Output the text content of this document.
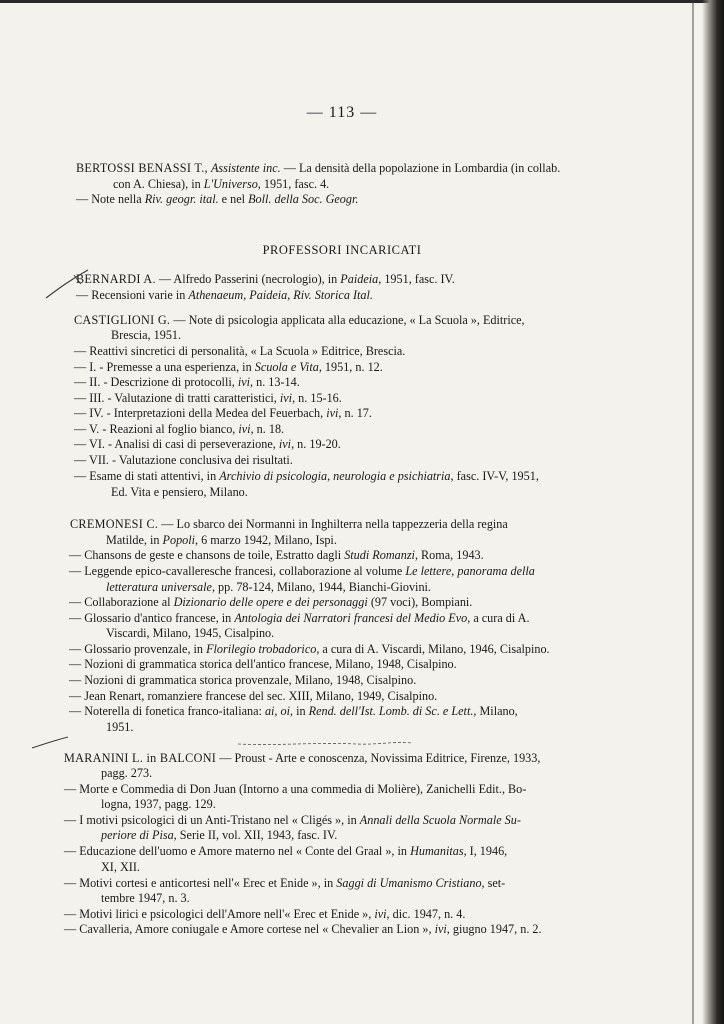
— 113 —
BERTOSSI BENASSI T., Assistente inc. — La densità della popolazione in Lombardia (in collab.
con A. Chiesa), in L'Universo, 1951, fasc. 4.
— Note nella Riv. geogr. ital. e nel Boll. della Soc. Geogr.
PROFESSORI INCARICATI
BERNARDI A. — Alfredo Passerini (necrologio), in Paideia, 1951, fasc. IV.
— Recensioni varie in Athenaeum, Paideia, Riv. Storica Ital.
CASTIGLIONI G. — Note di psicologia applicata alla educazione, « La Scuola », Editrice,
Brescia, 1951.
— Reattivi sincretici di personalità, « La Scuola » Editrice, Brescia.
— I. - Premesse a una esperienza, in Scuola e Vita, 1951, n. 12.
— II. - Descrizione di protocolli, ivi, n. 13-14.
— III. - Valutazione di tratti caratteristici, ivi, n. 15-16.
— IV. - Interpretazioni della Medea del Feuerbach, ivi, n. 17.
— V. - Reazioni al foglio bianco, ivi, n. 18.
— VI. - Analisi di casi di perseverazione, ivi, n. 19-20.
— VII. - Valutazione conclusiva dei risultati.
— Esame di stati attentivi, in Archivio di psicologia, neurologia e psichiatria, fasc. IV-V, 1951,
Ed. Vita e pensiero, Milano.
CREMONESI C. — Lo sbarco dei Normanni in Inghilterra nella tappezzeria della regina
Matilde, in Popoli, 6 marzo 1942, Milano, Ispi.
— Chansons de geste e chansons de toile, Estratto dagli Studi Romanzi, Roma, 1943.
— Leggende epico-cavalleresche francesi, collaborazione al volume Le lettere, panorama della
letteratura universale, pp. 78-124, Milano, 1944, Bianchi-Giovini.
— Collaborazione al Dizionario delle opere e dei personaggi (97 voci), Bompiani.
— Glossario d'antico francese, in Antologia dei Narratori francesi del Medio Evo, a cura di A.
Viscardi, Milano, 1945, Cisalpino.
— Glossario provenzale, in Florilegio trobadorico, a cura di A. Viscardi, Milano, 1946, Cisalpino.
— Nozioni di grammatica storica dell'antico francese, Milano, 1948, Cisalpino.
— Nozioni di grammatica storica provenzale, Milano, 1948, Cisalpino.
— Jean Renart, romanziere francese del sec. XIII, Milano, 1949, Cisalpino.
— Noterella di fonetica franco-italiana: ai, oi, in Rend. dell'Ist. Lomb. di Sc. e Lett., Milano,
1951.
MARANINI L. in BALCONI — Proust - Arte e conoscenza, Novissima Editrice, Firenze, 1933,
pagg. 273.
— Morte e Commedia di Don Juan (Intorno a una commedia di Molière), Zanichelli Edit., Bo-
logna, 1937, pagg. 129.
— I motivi psicologici di un Anti-Tristano nel « Cligés », in Annali della Scuola Normale Su-
periore di Pisa, Serie II, vol. XII, 1943, fasc. IV.
— Educazione dell'uomo e Amore materno nel « Conte del Graal », in Humanitas, I, 1946,
XI, XII.
— Motivi cortesi e anticortesi nell'« Erec et Enide », in Saggi di Umanismo Cristiano, set-
tembre 1947, n. 3.
— Motivi lirici e psicologici dell'Amore nell'« Erec et Enide », ivi, dic. 1947, n. 4.
— Cavalleria, Amore coniugale e Amore cortese nel « Chevalier an Lion », ivi, giugno 1947, n. 2.
